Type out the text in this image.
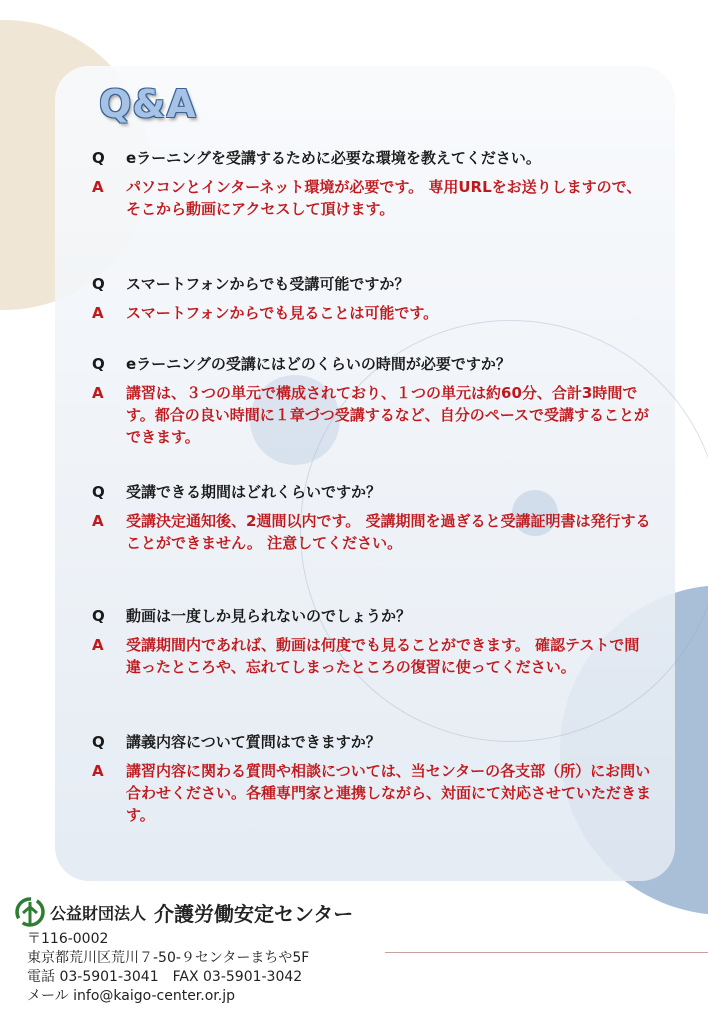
Q&A
Q	eラーニングを受講するために必要な環境を教えてください。
A	パソコンとインターネット環境が必要です。 専用URLをお送りしますので、そこから動画にアクセスして頂けます。
Q	スマートフォンからでも受講可能ですか？
A	スマートフォンからでも見ることは可能です。
Q	eラーニングの受講にはどのくらいの時間が必要ですか？
A	講習は、３つの単元で構成されており、１つの単元は約60分、合計3時間です。都合の良い時間に１章づつ受講するなど、自分のペースで受講することができます。
Q	受講できる期間はどれくらいですか？
A	受講決定通知後、2週間以内です。 受講期間を過ぎると受講証明書は発行することができません。 注意してください。
Q	動画は一度しか見られないのでしょうか？
A	受講期間内であれば、動画は何度でも見ることができます。 確認テストで間違ったところや、忘れてしまったところの復習に使ってください。
Q	講義内容について質問はできますか？
A	講習内容に関わる質問や相談については、当センターの各支部（所）にお問い合わせください。各種専門家と連携しながら、対面にて対応させていただきます。
公益財団法人 介護労働安定センター
〒116-0002
東京都荒川区荒川７-50-９センターまちや5F
電話 03-5901-3041　FAX 03-5901-3042
メール info@kaigo-center.or.jp
